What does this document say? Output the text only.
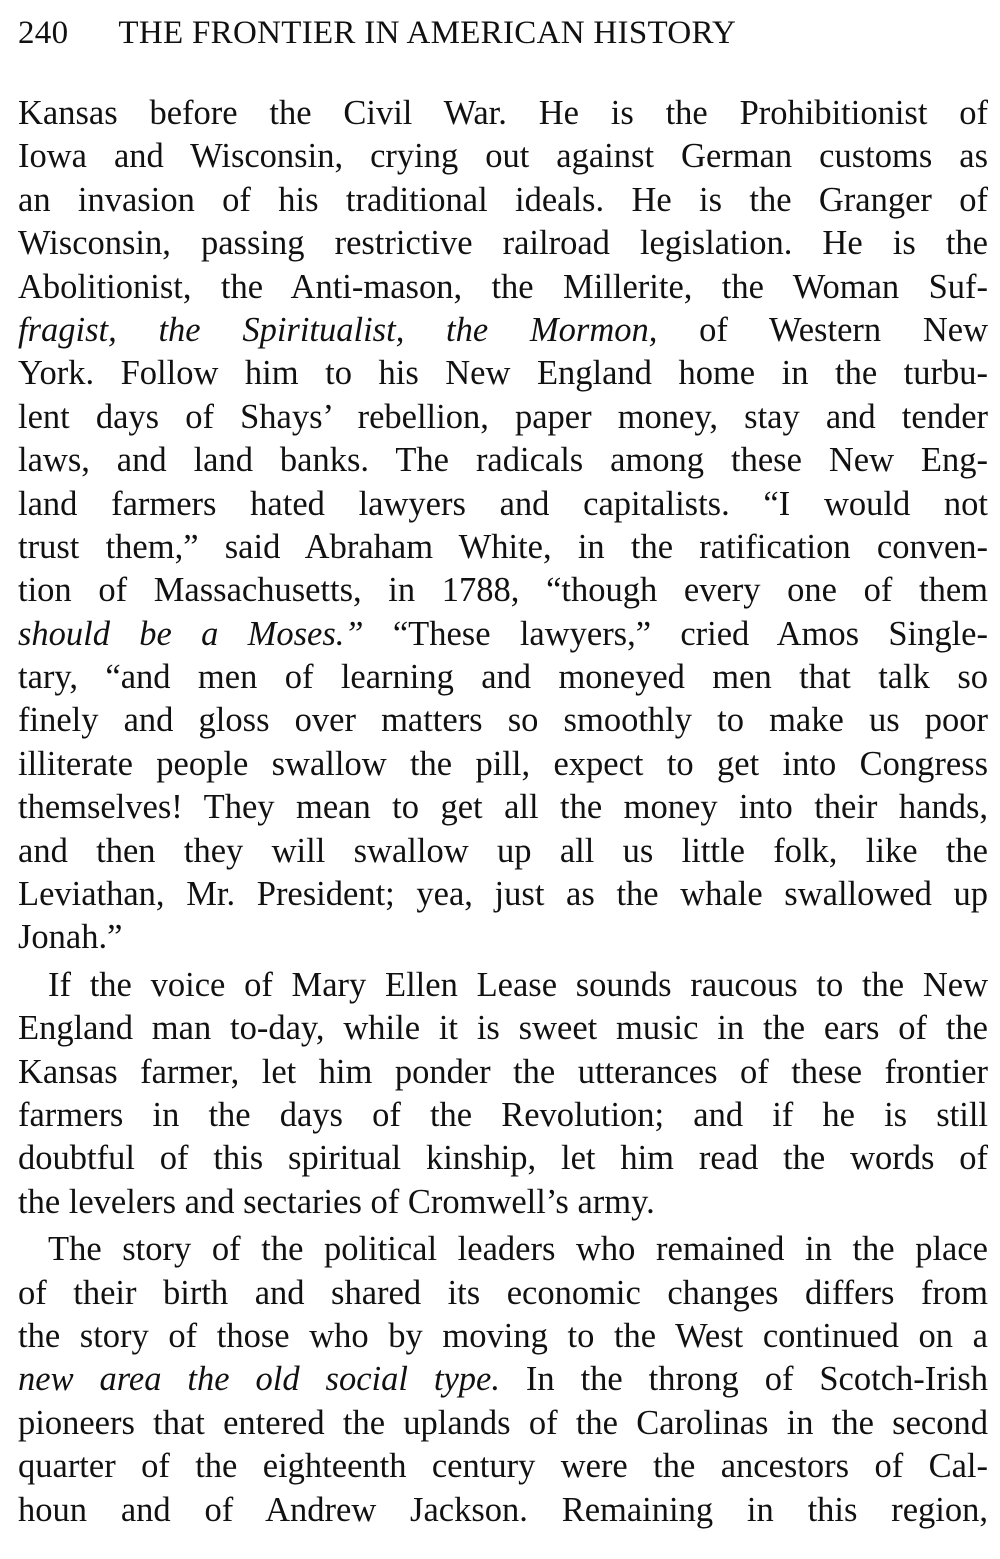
240 THE FRONTIER IN AMERICAN HISTORY
Kansas before the Civil War. He is the Prohibitionist of
Iowa and Wisconsin, crying out against German customs as
an invasion of his traditional ideals. He is the Granger of
Wisconsin, passing restrictive railroad legislation. He is the
Abolitionist, the Anti-mason, the Millerite, the Woman Suf-
fragist, the Spiritualist, the Mormon, of Western New
York. Follow him to his New England home in the turbu-
lent days of Shays’ rebellion, paper money, stay and tender
laws, and land banks. The radicals among these New Eng-
land farmers hated lawyers and capitalists. “I would not
trust them,” said Abraham White, in the ratification conven-
tion of Massachusetts, in 1788, “though every one of them
should be a Moses.” “These lawyers,” cried Amos Single-
tary, “and men of learning and moneyed men that talk so
finely and gloss over matters so smoothly to make us poor
illiterate people swallow the pill, expect to get into Congress
themselves! They mean to get all the money into their hands,
and then they will swallow up all us little folk, like the
Leviathan, Mr. President; yea, just as the whale swallowed up
Jonah.”
If the voice of Mary Ellen Lease sounds raucous to the New
England man to-day, while it is sweet music in the ears of the
Kansas farmer, let him ponder the utterances of these frontier
farmers in the days of the Revolution; and if he is still
doubtful of this spiritual kinship, let him read the words of
the levelers and sectaries of Cromwell’s army.
The story of the political leaders who remained in the place
of their birth and shared its economic changes differs from
the story of those who by moving to the West continued on a
new area the old social type. In the throng of Scotch-Irish
pioneers that entered the uplands of the Carolinas in the second
quarter of the eighteenth century were the ancestors of Cal-
houn and of Andrew Jackson. Remaining in this region,
